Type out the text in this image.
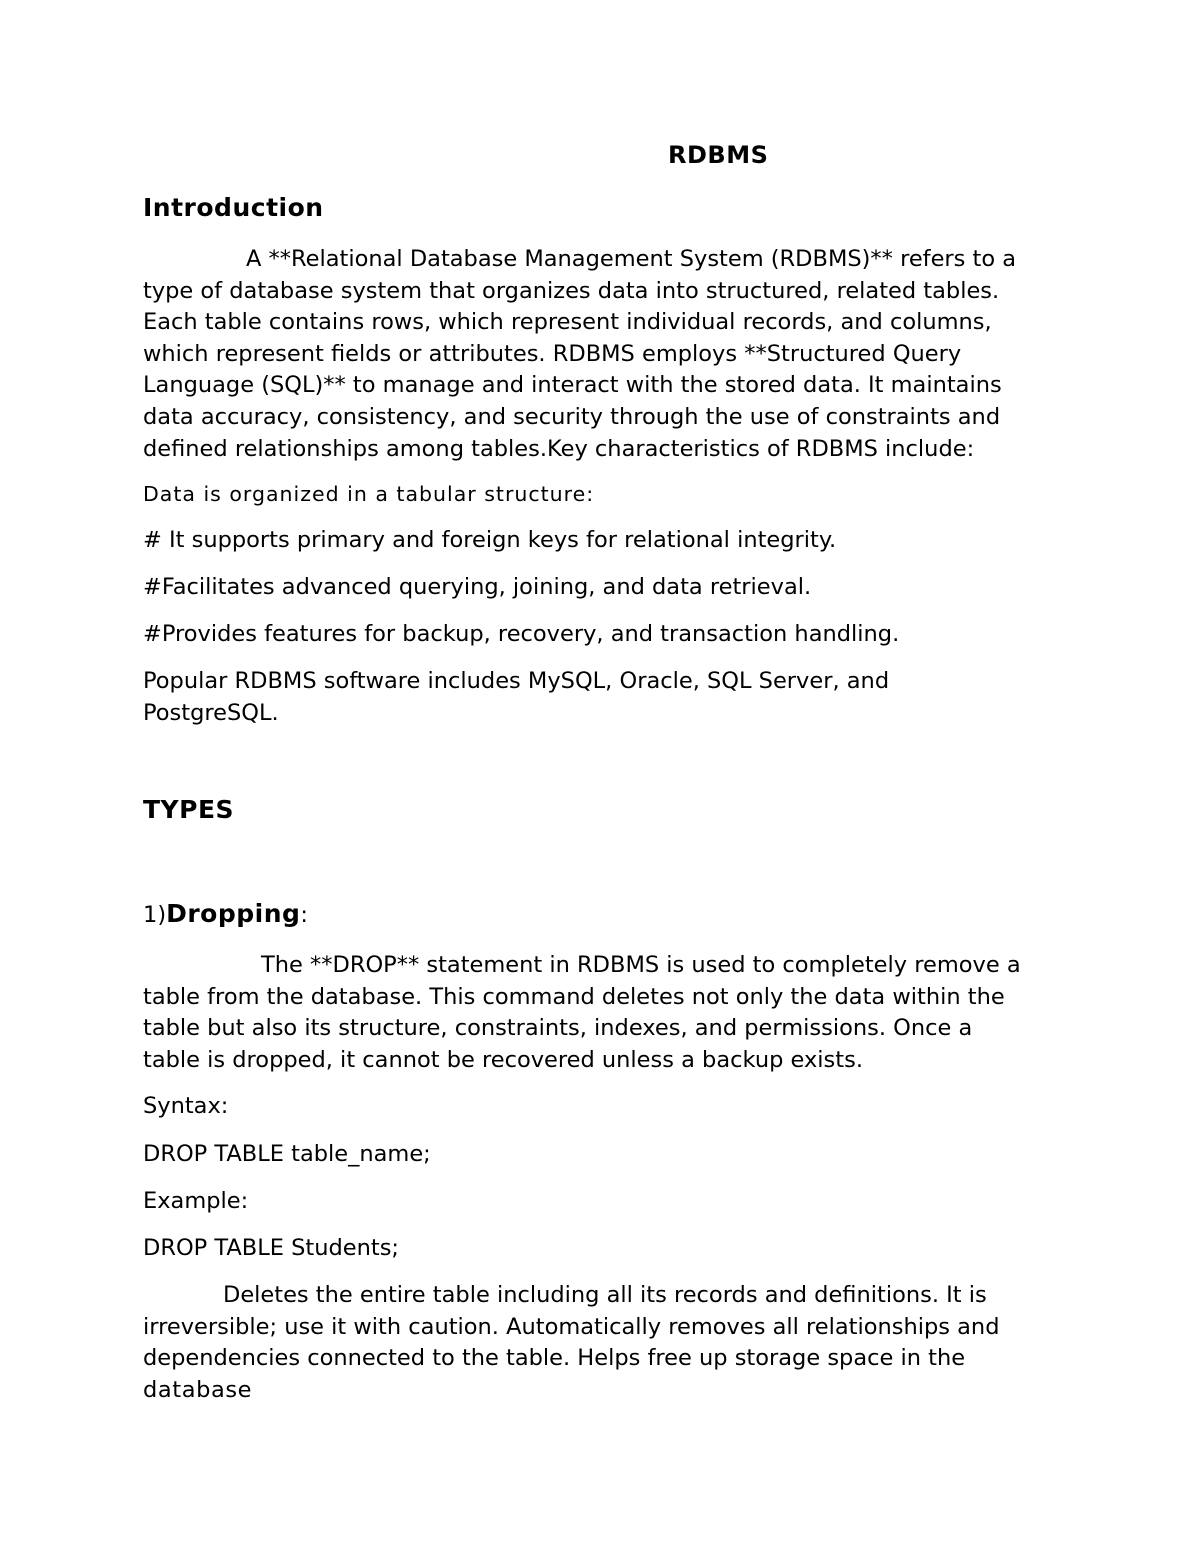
RDBMS
Introduction
A **Relational Database Management System (RDBMS)** refers to a
type of database system that organizes data into structured, related tables.
Each table contains rows, which represent individual records, and columns,
which represent fields or attributes. RDBMS employs **Structured Query
Language (SQL)** to manage and interact with the stored data. It maintains
data accuracy, consistency, and security through the use of constraints and
defined relationships among tables.Key characteristics of RDBMS include:

Data is organized in a tabular structure:

# It supports primary and foreign keys for relational integrity.

#Facilitates advanced querying, joining, and data retrieval.

#Provides features for backup, recovery, and transaction handling.

Popular RDBMS software includes MySQL, Oracle, SQL Server, and
PostgreSQL.
TYPES
1)Dropping:
The **DROP** statement in RDBMS is used to completely remove a
table from the database. This command deletes not only the data within the
table but also its structure, constraints, indexes, and permissions. Once a
table is dropped, it cannot be recovered unless a backup exists.

Syntax:

DROP TABLE table_name;

Example:

DROP TABLE Students;

Deletes the entire table including all its records and definitions. It is
irreversible; use it with caution. Automatically removes all relationships and
dependencies connected to the table. Helps free up storage space in the
database
